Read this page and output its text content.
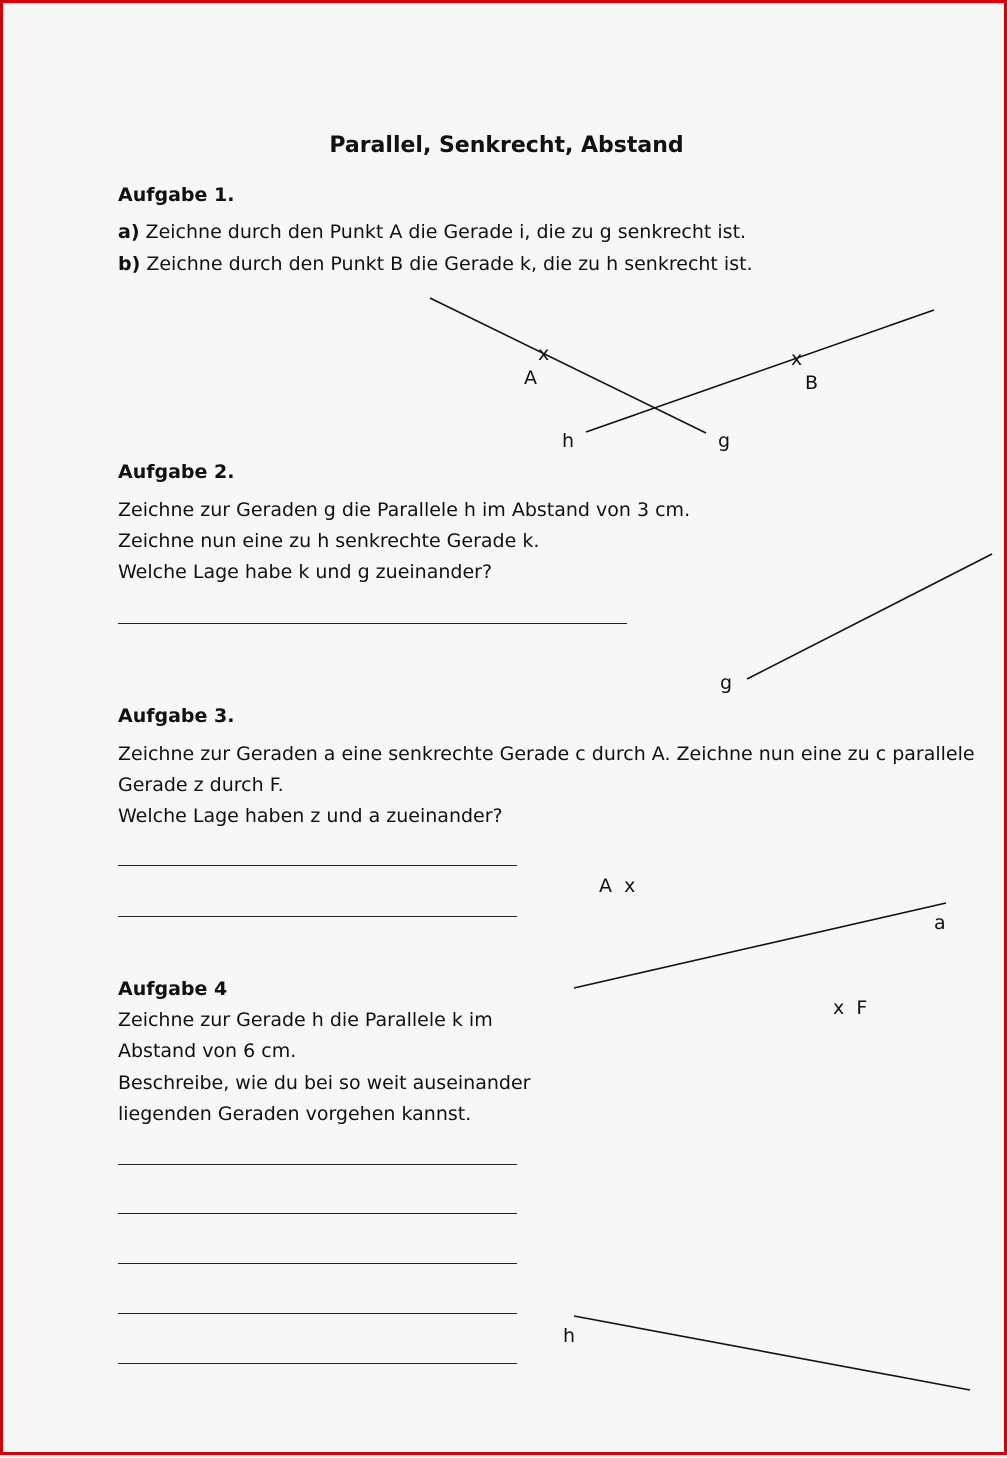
Parallel, Senkrecht, Abstand
Aufgabe 1.
a) Zeichne durch den Punkt A die Gerade i, die zu g senkrecht ist.
b) Zeichne durch den Punkt B die Gerade k, die zu h senkrecht ist.
Aufgabe 2.
Zeichne zur Geraden g die Parallele h im Abstand von 3 cm.
Zeichne nun eine zu h senkrechte Gerade k.
Welche Lage habe k und g zueinander?
Aufgabe 3.
Zeichne zur Geraden a eine senkrechte Gerade c durch A. Zeichne nun eine zu c parallele
Gerade z durch F.
Welche Lage haben z und a zueinander?
Aufgabe 4
Zeichne zur Gerade h die Parallele k im
Abstand von 6 cm.
Beschreibe, wie du bei so weit auseinander
liegenden Geraden vorgehen kannst.
x
A
x
B
h	g
g
A  x
a
x  F
h
